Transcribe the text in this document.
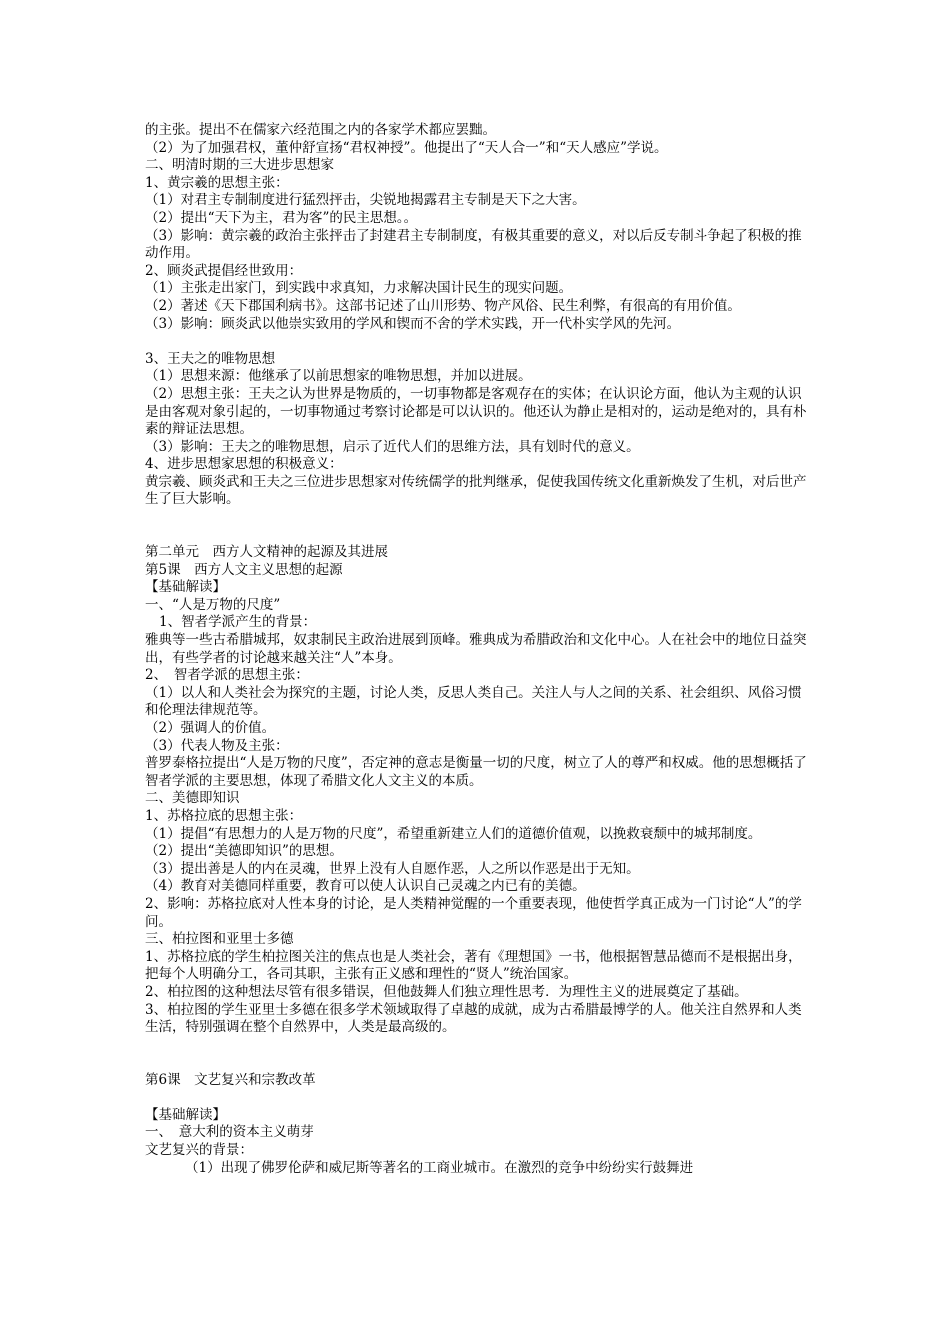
的主张。提出不在儒家六经范围之内的各家学术都应罢黜。

（2）为了加强君权，董仲舒宣扬“君权神授”。他提出了“天人合一”和“天人感应”学说。

二、明清时期的三大进步思想家

1、黄宗羲的思想主张：

（1）对君主专制制度进行猛烈抨击，尖锐地揭露君主专制是天下之大害。

（2）提出“天下为主，君为客”的民主思想。。

（3）影响：黄宗羲的政治主张抨击了封建君主专制制度，有极其重要的意义，对以后反专制斗争起了积极的推动作用。

2、顾炎武提倡经世致用：

（1）主张走出家门，到实践中求真知，力求解决国计民生的现实问题。

（2）著述《天下郡国利病书》。这部书记述了山川形势、物产风俗、民生利弊，有很高的有用价值。

（3）影响：顾炎武以他崇实致用的学风和锲而不舍的学术实践，开一代朴实学风的先河。

3、王夫之的唯物思想

（1）思想来源：他继承了以前思想家的唯物思想，并加以进展。

（2）思想主张：王夫之认为世界是物质的，一切事物都是客观存在的实体；在认识论方面，他认为主观的认识是由客观对象引起的，一切事物通过考察讨论都是可以认识的。他还认为静止是相对的，运动是绝对的，具有朴素的辩证法思想。

（3）影响：王夫之的唯物思想，启示了近代人们的思维方法，具有划时代的意义。

4、进步思想家思想的积极意义：

黄宗羲、顾炎武和王夫之三位进步思想家对传统儒学的批判继承，促使我国传统文化重新焕发了生机，对后世产生了巨大影响。

第二单元　西方人文精神的起源及其进展

第5课　西方人文主义思想的起源

【基础解读】

一、“人是万物的尺度”

1、智者学派产生的背景：

雅典等一些古希腊城邦，奴隶制民主政治进展到顶峰。雅典成为希腊政治和文化中心。人在社会中的地位日益突出，有些学者的讨论越来越关注“人”本身。

2、　智者学派的思想主张：

（1）以人和人类社会为探究的主题，讨论人类，反思人类自己。关注人与人之间的关系、社会组织、风俗习惯和伦理法律规范等。

（2）强调人的价值。

（3）代表人物及主张：

普罗泰格拉提出“人是万物的尺度”，否定神的意志是衡量一切的尺度，树立了人的尊严和权威。他的思想概括了智者学派的主要思想，体现了希腊文化人文主义的本质。

二、美德即知识

1、苏格拉底的思想主张：

（1）提倡“有思想力的人是万物的尺度”，希望重新建立人们的道德价值观，以挽救衰颓中的城邦制度。

（2）提出“美德即知识”的思想。

（3）提出善是人的内在灵魂，世界上没有人自愿作恶，人之所以作恶是出于无知。

（4）教育对美德同样重要，教育可以使人认识自己灵魂之内已有的美德。

2、影响：苏格拉底对人性本身的讨论，是人类精神觉醒的一个重要表现，他使哲学真正成为一门讨论“人”的学问。

三、柏拉图和亚里士多德

1、苏格拉底的学生柏拉图关注的焦点也是人类社会，著有《理想国》一书，他根据智慧品德而不是根据出身，把每个人明确分工，各司其职，主张有正义感和理性的“贤人”统治国家。

2、柏拉图的这种想法尽管有很多错误，但他鼓舞人们独立理性思考．为理性主义的进展奠定了基础。

3、柏拉图的学生亚里士多德在很多学术领域取得了卓越的成就，成为古希腊最博学的人。他关注自然界和人类生活，特别强调在整个自然界中，人类是最高级的。

第6课　文艺复兴和宗教改革

【基础解读】

一、　意大利的资本主义萌芽

文艺复兴的背景：

（1）出现了佛罗伦萨和威尼斯等著名的工商业城市。在激烈的竞争中纷纷实行鼓舞进
